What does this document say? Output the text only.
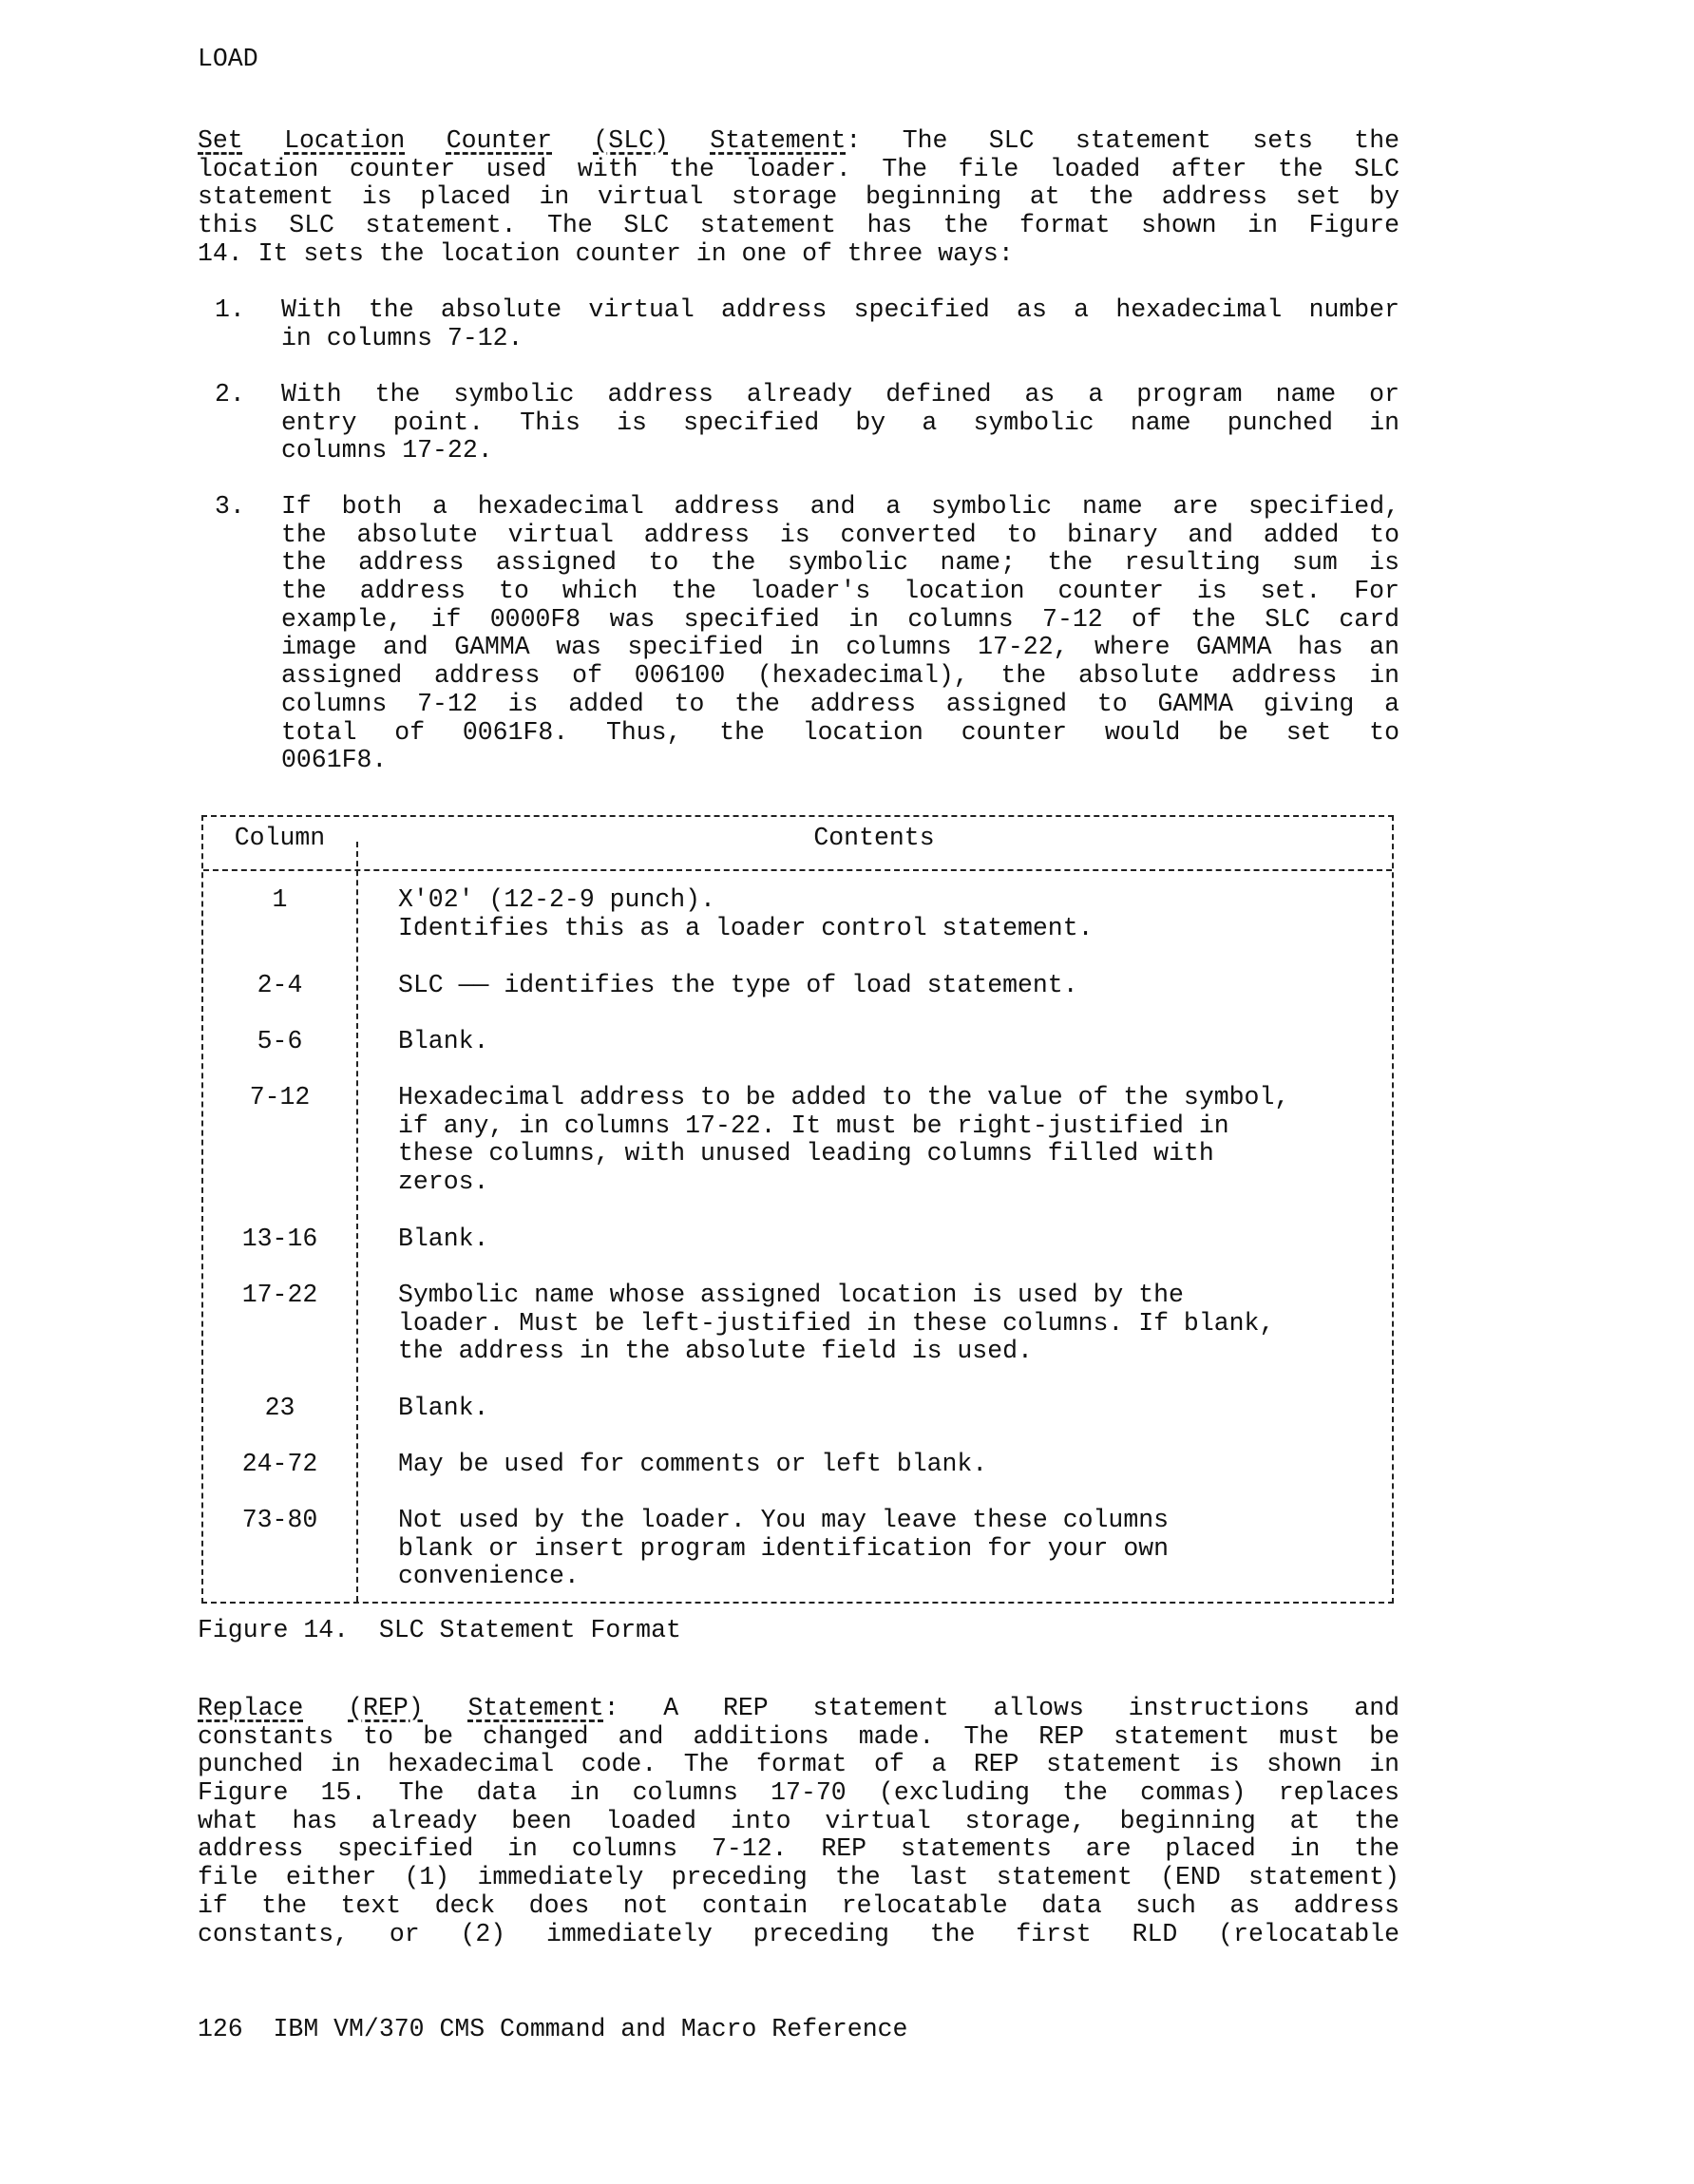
LOAD
Set Location Counter (SLC) Statement: The SLC statement sets the
location counter used with the loader. The file loaded after the SLC
statement is placed in virtual storage beginning at the address set by
this SLC statement. The SLC statement has the format shown in Figure
14. It sets the location counter in one of three ways:
1. With the absolute virtual address specified as a hexadecimal number
in columns 7-12.
2. With the symbolic address already defined as a program name or
entry point. This is specified by a symbolic name punched in
columns 17-22.
3. If both a hexadecimal address and a symbolic name are specified,
the absolute virtual address is converted to binary and added to
the address assigned to the symbolic name; the resulting sum is
the address to which the loader's location counter is set. For
example, if 0000F8 was specified in columns 7-12 of the SLC card
image and GAMMA was specified in columns 17-22, where GAMMA has an
assigned address of 006100 (hexadecimal), the absolute address in
columns 7-12 is added to the address assigned to GAMMA giving a
total of 0061F8. Thus, the location counter would be set to
0061F8.
Column	Contents
1	X'02' (12-2-9 punch).
Identifies this as a loader control statement.
2-4	SLC —— identifies the type of load statement.
5-6	Blank.
7-12	Hexadecimal address to be added to the value of the symbol,
if any, in columns 17-22. It must be right-justified in
these columns, with unused leading columns filled with
zeros.
13-16	Blank.
17-22	Symbolic name whose assigned location is used by the
loader. Must be left-justified in these columns. If blank,
the address in the absolute field is used.
23	Blank.
24-72	May be used for comments or left blank.
73-80	Not used by the loader. You may leave these columns
blank or insert program identification for your own
convenience.
Figure 14.  SLC Statement Format
Replace (REP) Statement: A REP statement allows instructions and
constants to be changed and additions made. The REP statement must be
punched in hexadecimal code. The format of a REP statement is shown in
Figure 15. The data in columns 17-70 (excluding the commas) replaces
what has already been loaded into virtual storage, beginning at the
address specified in columns 7-12. REP statements are placed in the
file either (1) immediately preceding the last statement (END statement)
if the text deck does not contain relocatable data such as address
constants, or (2) immediately preceding the first RLD (relocatable
126  IBM VM/370 CMS Command and Macro Reference
